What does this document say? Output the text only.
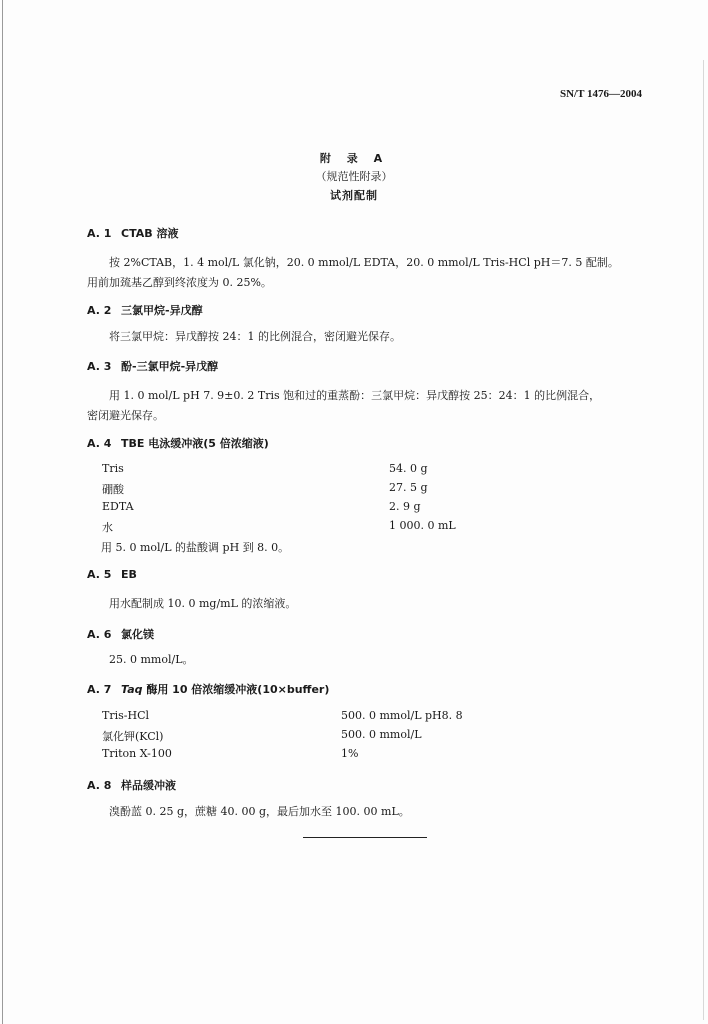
SN/T 1476—2004
附 录 A
（规范性附录）
试剂配制
A. 1 CTAB 溶液
按 2%CTAB，1. 4 mol/L 氯化钠，20. 0 mmol/L EDTA，20. 0 mmol/L Tris-HCl pH＝7. 5 配制。
用前加巯基乙醇到终浓度为 0. 25%。
A. 2 三氯甲烷-异戊醇
将三氯甲烷：异戊醇按 24：1 的比例混合，密闭避光保存。
A. 3 酚-三氯甲烷-异戊醇
用 1. 0 mol/L pH 7. 9±0. 2 Tris 饱和过的重蒸酚：三氯甲烷：异戊醇按 25：24：1 的比例混合，
密闭避光保存。
A. 4 TBE 电泳缓冲液(5 倍浓缩液)
Tris	54. 0 g
硼酸	27. 5 g
EDTA	2. 9 g
水	1 000. 0 mL
用 5. 0 mol/L 的盐酸调 pH 到 8. 0。
A. 5 EB
用水配制成 10. 0 mg/mL 的浓缩液。
A. 6 氯化镁
25. 0 mmol/L。
A. 7 Taq 酶用 10 倍浓缩缓冲液(10×buffer)
Tris-HCl	500. 0 mmol/L pH8. 8
氯化钾(KCl)	500. 0 mmol/L
Triton X-100	1%
A. 8 样品缓冲液
溴酚蓝 0. 25 g，蔗糖 40. 00 g，最后加水至 100. 00 mL。
